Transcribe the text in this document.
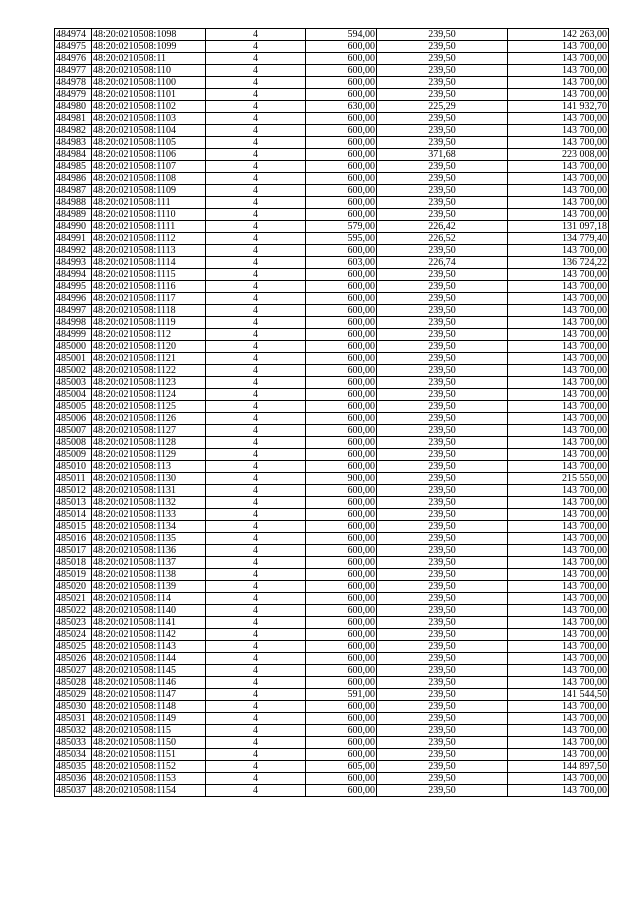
484974	48:20:0210508:1098	4	594,00	239,50	142 263,00
484975	48:20:0210508:1099	4	600,00	239,50	143 700,00
484976	48:20:0210508:11	4	600,00	239,50	143 700,00
484977	48:20:0210508:110	4	600,00	239,50	143 700,00
484978	48:20:0210508:1100	4	600,00	239,50	143 700,00
484979	48:20:0210508:1101	4	600,00	239,50	143 700,00
484980	48:20:0210508:1102	4	630,00	225,29	141 932,70
484981	48:20:0210508:1103	4	600,00	239,50	143 700,00
484982	48:20:0210508:1104	4	600,00	239,50	143 700,00
484983	48:20:0210508:1105	4	600,00	239,50	143 700,00
484984	48:20:0210508:1106	4	600,00	371,68	223 008,00
484985	48:20:0210508:1107	4	600,00	239,50	143 700,00
484986	48:20:0210508:1108	4	600,00	239,50	143 700,00
484987	48:20:0210508:1109	4	600,00	239,50	143 700,00
484988	48:20:0210508:111	4	600,00	239,50	143 700,00
484989	48:20:0210508:1110	4	600,00	239,50	143 700,00
484990	48:20:0210508:1111	4	579,00	226,42	131 097,18
484991	48:20:0210508:1112	4	595,00	226,52	134 779,40
484992	48:20:0210508:1113	4	600,00	239,50	143 700,00
484993	48:20:0210508:1114	4	603,00	226,74	136 724,22
484994	48:20:0210508:1115	4	600,00	239,50	143 700,00
484995	48:20:0210508:1116	4	600,00	239,50	143 700,00
484996	48:20:0210508:1117	4	600,00	239,50	143 700,00
484997	48:20:0210508:1118	4	600,00	239,50	143 700,00
484998	48:20:0210508:1119	4	600,00	239,50	143 700,00
484999	48:20:0210508:112	4	600,00	239,50	143 700,00
485000	48:20:0210508:1120	4	600,00	239,50	143 700,00
485001	48:20:0210508:1121	4	600,00	239,50	143 700,00
485002	48:20:0210508:1122	4	600,00	239,50	143 700,00
485003	48:20:0210508:1123	4	600,00	239,50	143 700,00
485004	48:20:0210508:1124	4	600,00	239,50	143 700,00
485005	48:20:0210508:1125	4	600,00	239,50	143 700,00
485006	48:20:0210508:1126	4	600,00	239,50	143 700,00
485007	48:20:0210508:1127	4	600,00	239,50	143 700,00
485008	48:20:0210508:1128	4	600,00	239,50	143 700,00
485009	48:20:0210508:1129	4	600,00	239,50	143 700,00
485010	48:20:0210508:113	4	600,00	239,50	143 700,00
485011	48:20:0210508:1130	4	900,00	239,50	215 550,00
485012	48:20:0210508:1131	4	600,00	239,50	143 700,00
485013	48:20:0210508:1132	4	600,00	239,50	143 700,00
485014	48:20:0210508:1133	4	600,00	239,50	143 700,00
485015	48:20:0210508:1134	4	600,00	239,50	143 700,00
485016	48:20:0210508:1135	4	600,00	239,50	143 700,00
485017	48:20:0210508:1136	4	600,00	239,50	143 700,00
485018	48:20:0210508:1137	4	600,00	239,50	143 700,00
485019	48:20:0210508:1138	4	600,00	239,50	143 700,00
485020	48:20:0210508:1139	4	600,00	239,50	143 700,00
485021	48:20:0210508:114	4	600,00	239,50	143 700,00
485022	48:20:0210508:1140	4	600,00	239,50	143 700,00
485023	48:20:0210508:1141	4	600,00	239,50	143 700,00
485024	48:20:0210508:1142	4	600,00	239,50	143 700,00
485025	48:20:0210508:1143	4	600,00	239,50	143 700,00
485026	48:20:0210508:1144	4	600,00	239,50	143 700,00
485027	48:20:0210508:1145	4	600,00	239,50	143 700,00
485028	48:20:0210508:1146	4	600,00	239,50	143 700,00
485029	48:20:0210508:1147	4	591,00	239,50	141 544,50
485030	48:20:0210508:1148	4	600,00	239,50	143 700,00
485031	48:20:0210508:1149	4	600,00	239,50	143 700,00
485032	48:20:0210508:115	4	600,00	239,50	143 700,00
485033	48:20:0210508:1150	4	600,00	239,50	143 700,00
485034	48:20:0210508:1151	4	600,00	239,50	143 700,00
485035	48:20:0210508:1152	4	605,00	239,50	144 897,50
485036	48:20:0210508:1153	4	600,00	239,50	143 700,00
485037	48:20:0210508:1154	4	600,00	239,50	143 700,00
